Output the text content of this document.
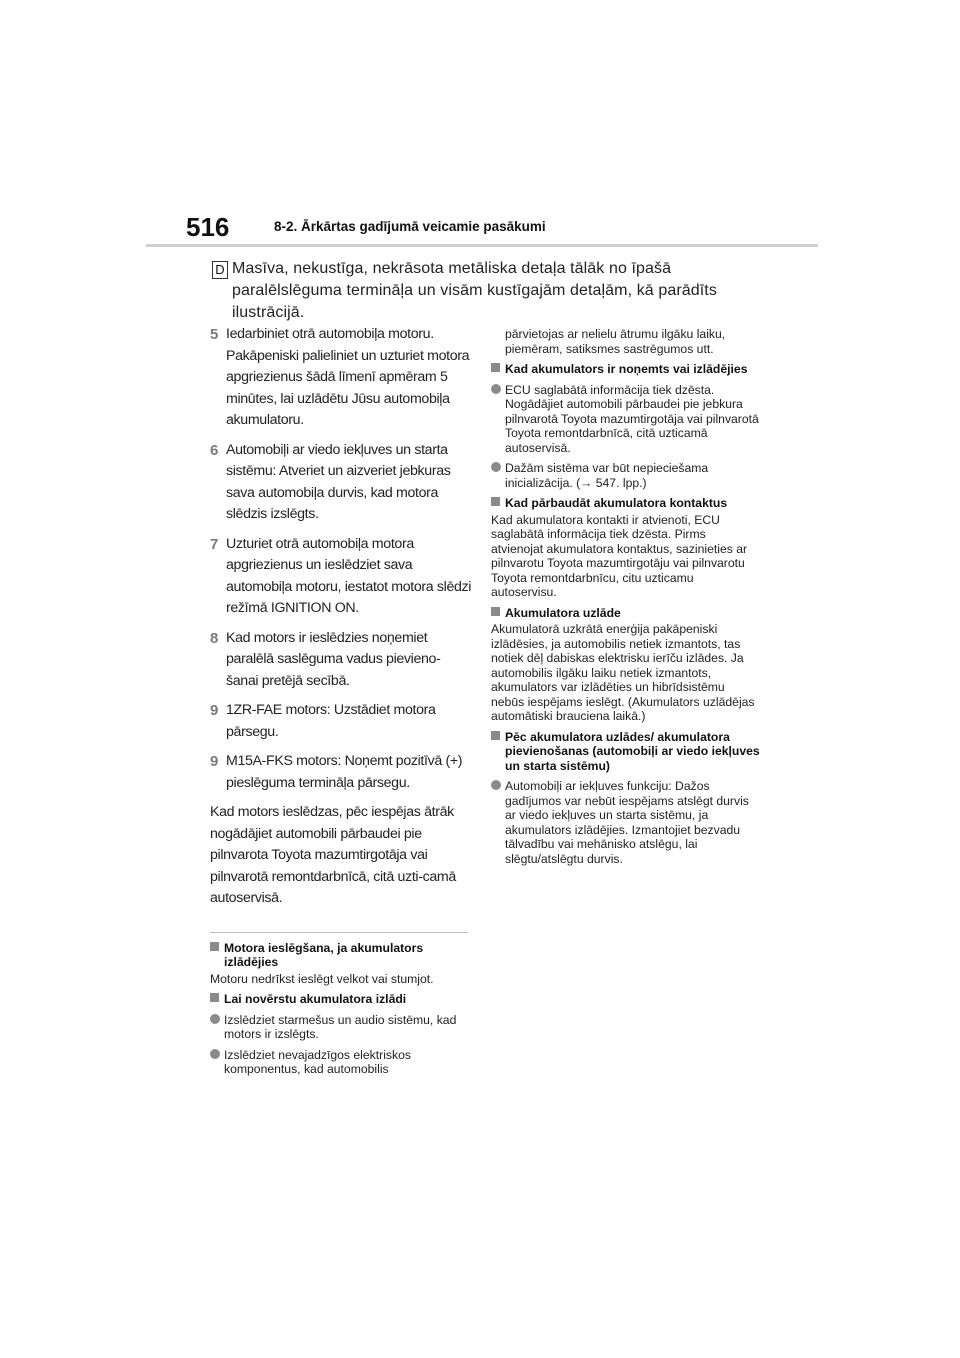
516	8-2. Ārkārtas gadījumā veicamie pasākumi
D Masīva, nekustīga, nekrāsota metāliska detaļa tālāk no īpašā paralēlslēguma termināļa un visām kustīgajām detaļām, kā parādīts ilustrācijā.
5 Iedarbiniet otrā automobiļa motoru. Pakāpeniski palieliniet un uzturiet motora apgriezienus šādā līmenī apmēram 5 minūtes, lai uzlādētu Jūsu automobiļa akumulatoru.
6 Automobiļi ar viedo iekļuves un starta sistēmu: Atveriet un aizveriet jebkuras sava automobiļa durvis, kad motora slēdzis izslēgts.
7 Uzturiet otrā automobiļa motora apgriezienus un ieslēdziet sava automobiļa motoru, iestatot motora slēdzi režīmā IGNITION ON.
8 Kad motors ir ieslēdzies noņemiet paralēlā saslēguma vadus pievieno-šanai pretējā secībā.
9 1ZR-FAE motors: Uzstādiet motora pārsegu.
9 M15A-FKS motors: Noņemt pozitīvā (+) pieslēguma termināļa pārsegu.
Kad motors ieslēdzas, pēc iespējas ātrāk nogādājiet automobili pārbaudei pie pilnvarota Toyota mazumtirgotāja vai pilnvarotā remontdarbnīcā, citā uzti-camā autoservisā.
Motora ieslēgšana, ja akumulators izlādējies
Motoru nedrīkst ieslēgt velkot vai stumjot.
Lai novērstu akumulatora izlādi
Izslēdziet starmešus un audio sistēmu, kad motors ir izslēgts.
Izslēdziet nevajadzīgos elektriskos komponentus, kad automobilis
pārvietojas ar nelielu ātrumu ilgāku laiku, piemēram, satiksmes sastrēgumos utt.
Kad akumulators ir noņemts vai izlādējies
ECU saglabātā informācija tiek dzēsta. Nogādājiet automobili pārbaudei pie jebkura pilnvarotā Toyota mazumtirgotāja vai pilnvarotā Toyota remontdarbnīcā, citā uzticamā autoservisā.
Dažām sistēma var būt nepieciešama inicializācija. (→ 547. lpp.)
Kad pārbaudāt akumulatora kontaktus
Kad akumulatora kontakti ir atvienoti, ECU saglabātā informācija tiek dzēsta. Pirms atvienojat akumulatora kontaktus, sazinieties ar pilnvarotu Toyota mazumtirgotāju vai pilnvarotu Toyota remontdarbnīcu, citu uzticamu autoservisu.
Akumulatora uzlāde
Akumulatorā uzkrātā enerģija pakāpeniski izlādēsies, ja automobilis netiek izmantots, tas notiek dēļ dabiskas elektrisku ierīču izlādes. Ja automobilis ilgāku laiku netiek izmantots, akumulators var izlādēties un hibrīdsistēmu nebūs iespējams ieslēgt. (Akumulators uzlādējas automātiski brauciena laikā.)
Pēc akumulatora uzlādes/ akumulatora pievienošanas (automobiļi ar viedo iekļuves un starta sistēmu)
Automobiļi ar iekļuves funkciju: Dažos gadījumos var nebūt iespējams atslēgt durvis ar viedo iekļuves un starta sistēmu, ja akumulators izlādējies. Izmantojiet bezvadu tālvadību vai mehānisko atslēgu, lai slēgtu/atslēgtu durvis.
